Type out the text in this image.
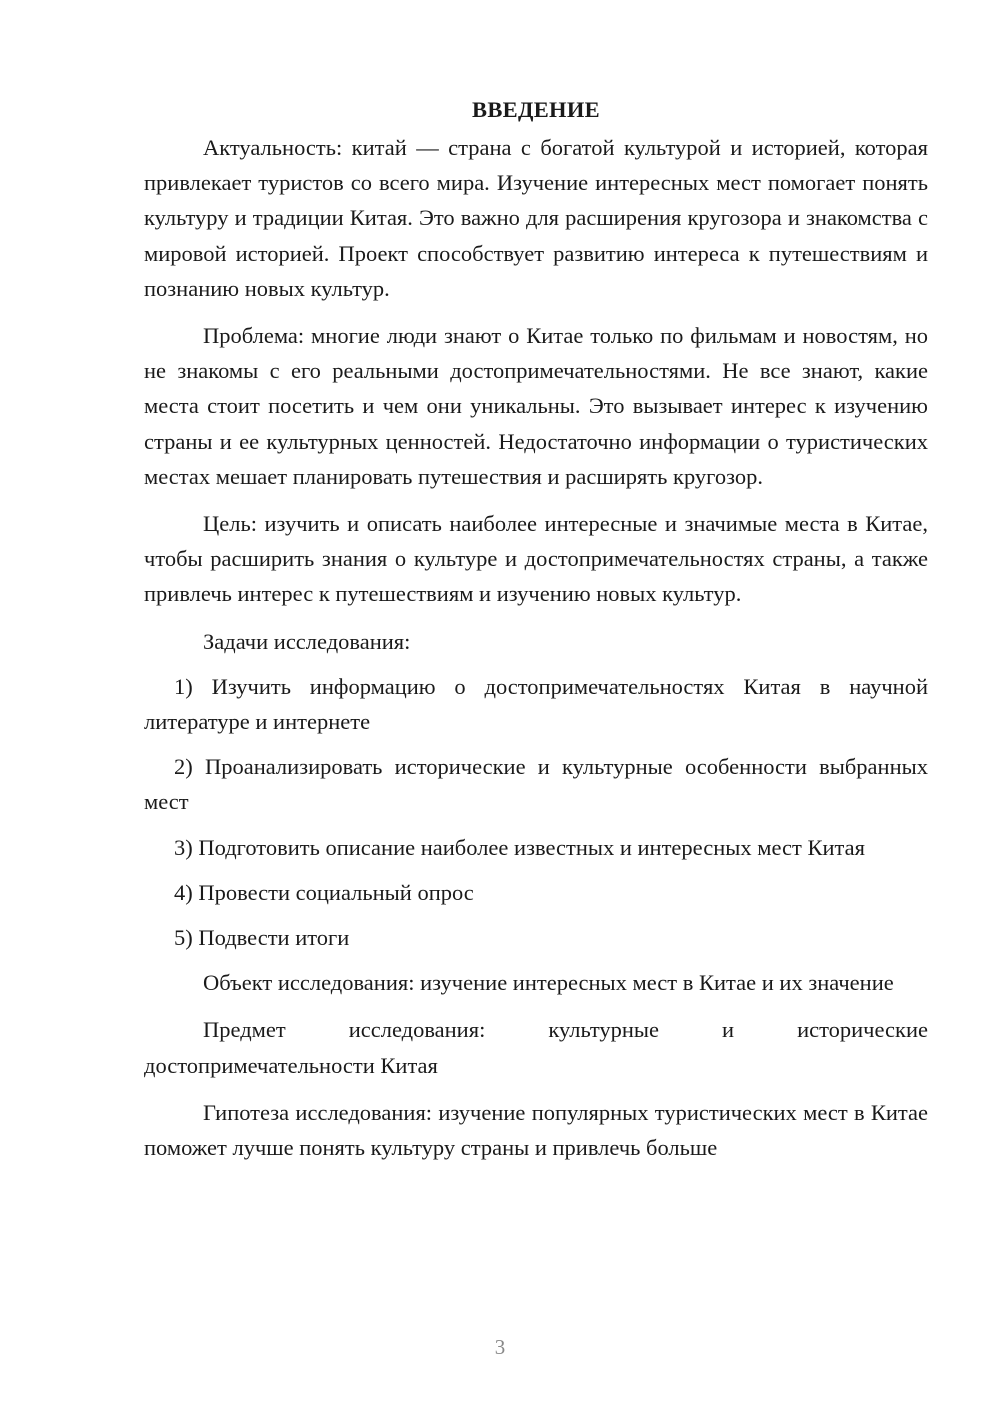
ВВЕДЕНИЕ

Актуальность: китай — страна с богатой культурой и историей, которая привлекает туристов со всего мира. Изучение интересных мест помогает понять культуру и традиции Китая. Это важно для расширения кругозора и знакомства с мировой историей. Проект способствует развитию интереса к путешествиям и познанию новых культур.

Проблема: многие люди знают о Китае только по фильмам и новостям, но не знакомы с его реальными достопримечательностями. Не все знают, какие места стоит посетить и чем они уникальны. Это вызывает интерес к изучению страны и ее культурных ценностей. Недостаточно информации о туристических местах мешает планировать путешествия и расширять кругозор.

Цель: изучить и описать наиболее интересные и значимые места в Китае, чтобы расширить знания о культуре и достопримечательностях страны, а также привлечь интерес к путешествиям и изучению новых культур.

Задачи исследования:

1) Изучить информацию о достопримечательностях Китая в научной литературе и интернете

2) Проанализировать исторические и культурные особенности выбранных мест

3) Подготовить описание наиболее известных и интересных мест Китая

4) Провести социальный опрос

5) Подвести итоги

Объект исследования: изучение интересных мест в Китае и их значение

Предмет исследования: культурные и исторические достопримечательности Китая

Гипотеза исследования: изучение популярных туристических мест в Китае поможет лучше понять культуру страны и привлечь больше

3
